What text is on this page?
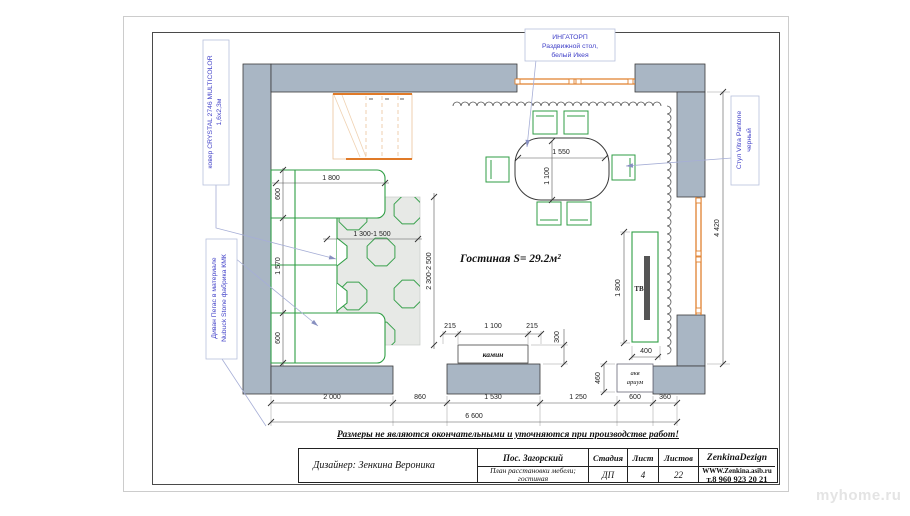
ТВ
камин
акв
ариум
Гостиная S= 29.2м²
1 800
600
1 570
600
1 300-1 500
2 300-2 500
215	1 100	215
300
1 550
1 100
1 800
400
460
4 420
2 000	860	1 530	1 250	600	360
6 600
ковер CRYSTAL 2746 MULTICOLOR 1,6х2,3м
Диван Пегас в материале Nubuck Stone фабрика КМК
ИНГАТОРП
Раздвижной стол,
белый Икея
Стул Vitra Pantone черный
Размеры не являются окончательными и уточняются при производстве работ!
Дизайнер: Зенкина Вероника
Пос. Загорский	Стадия	Лист	Листов	ZenkinaDezign
План расстановки мебели;
гостиная	ДП	4	22	WWW.Zenkina.asib.ru
т.8 960 923 20 21
myhome.ru
